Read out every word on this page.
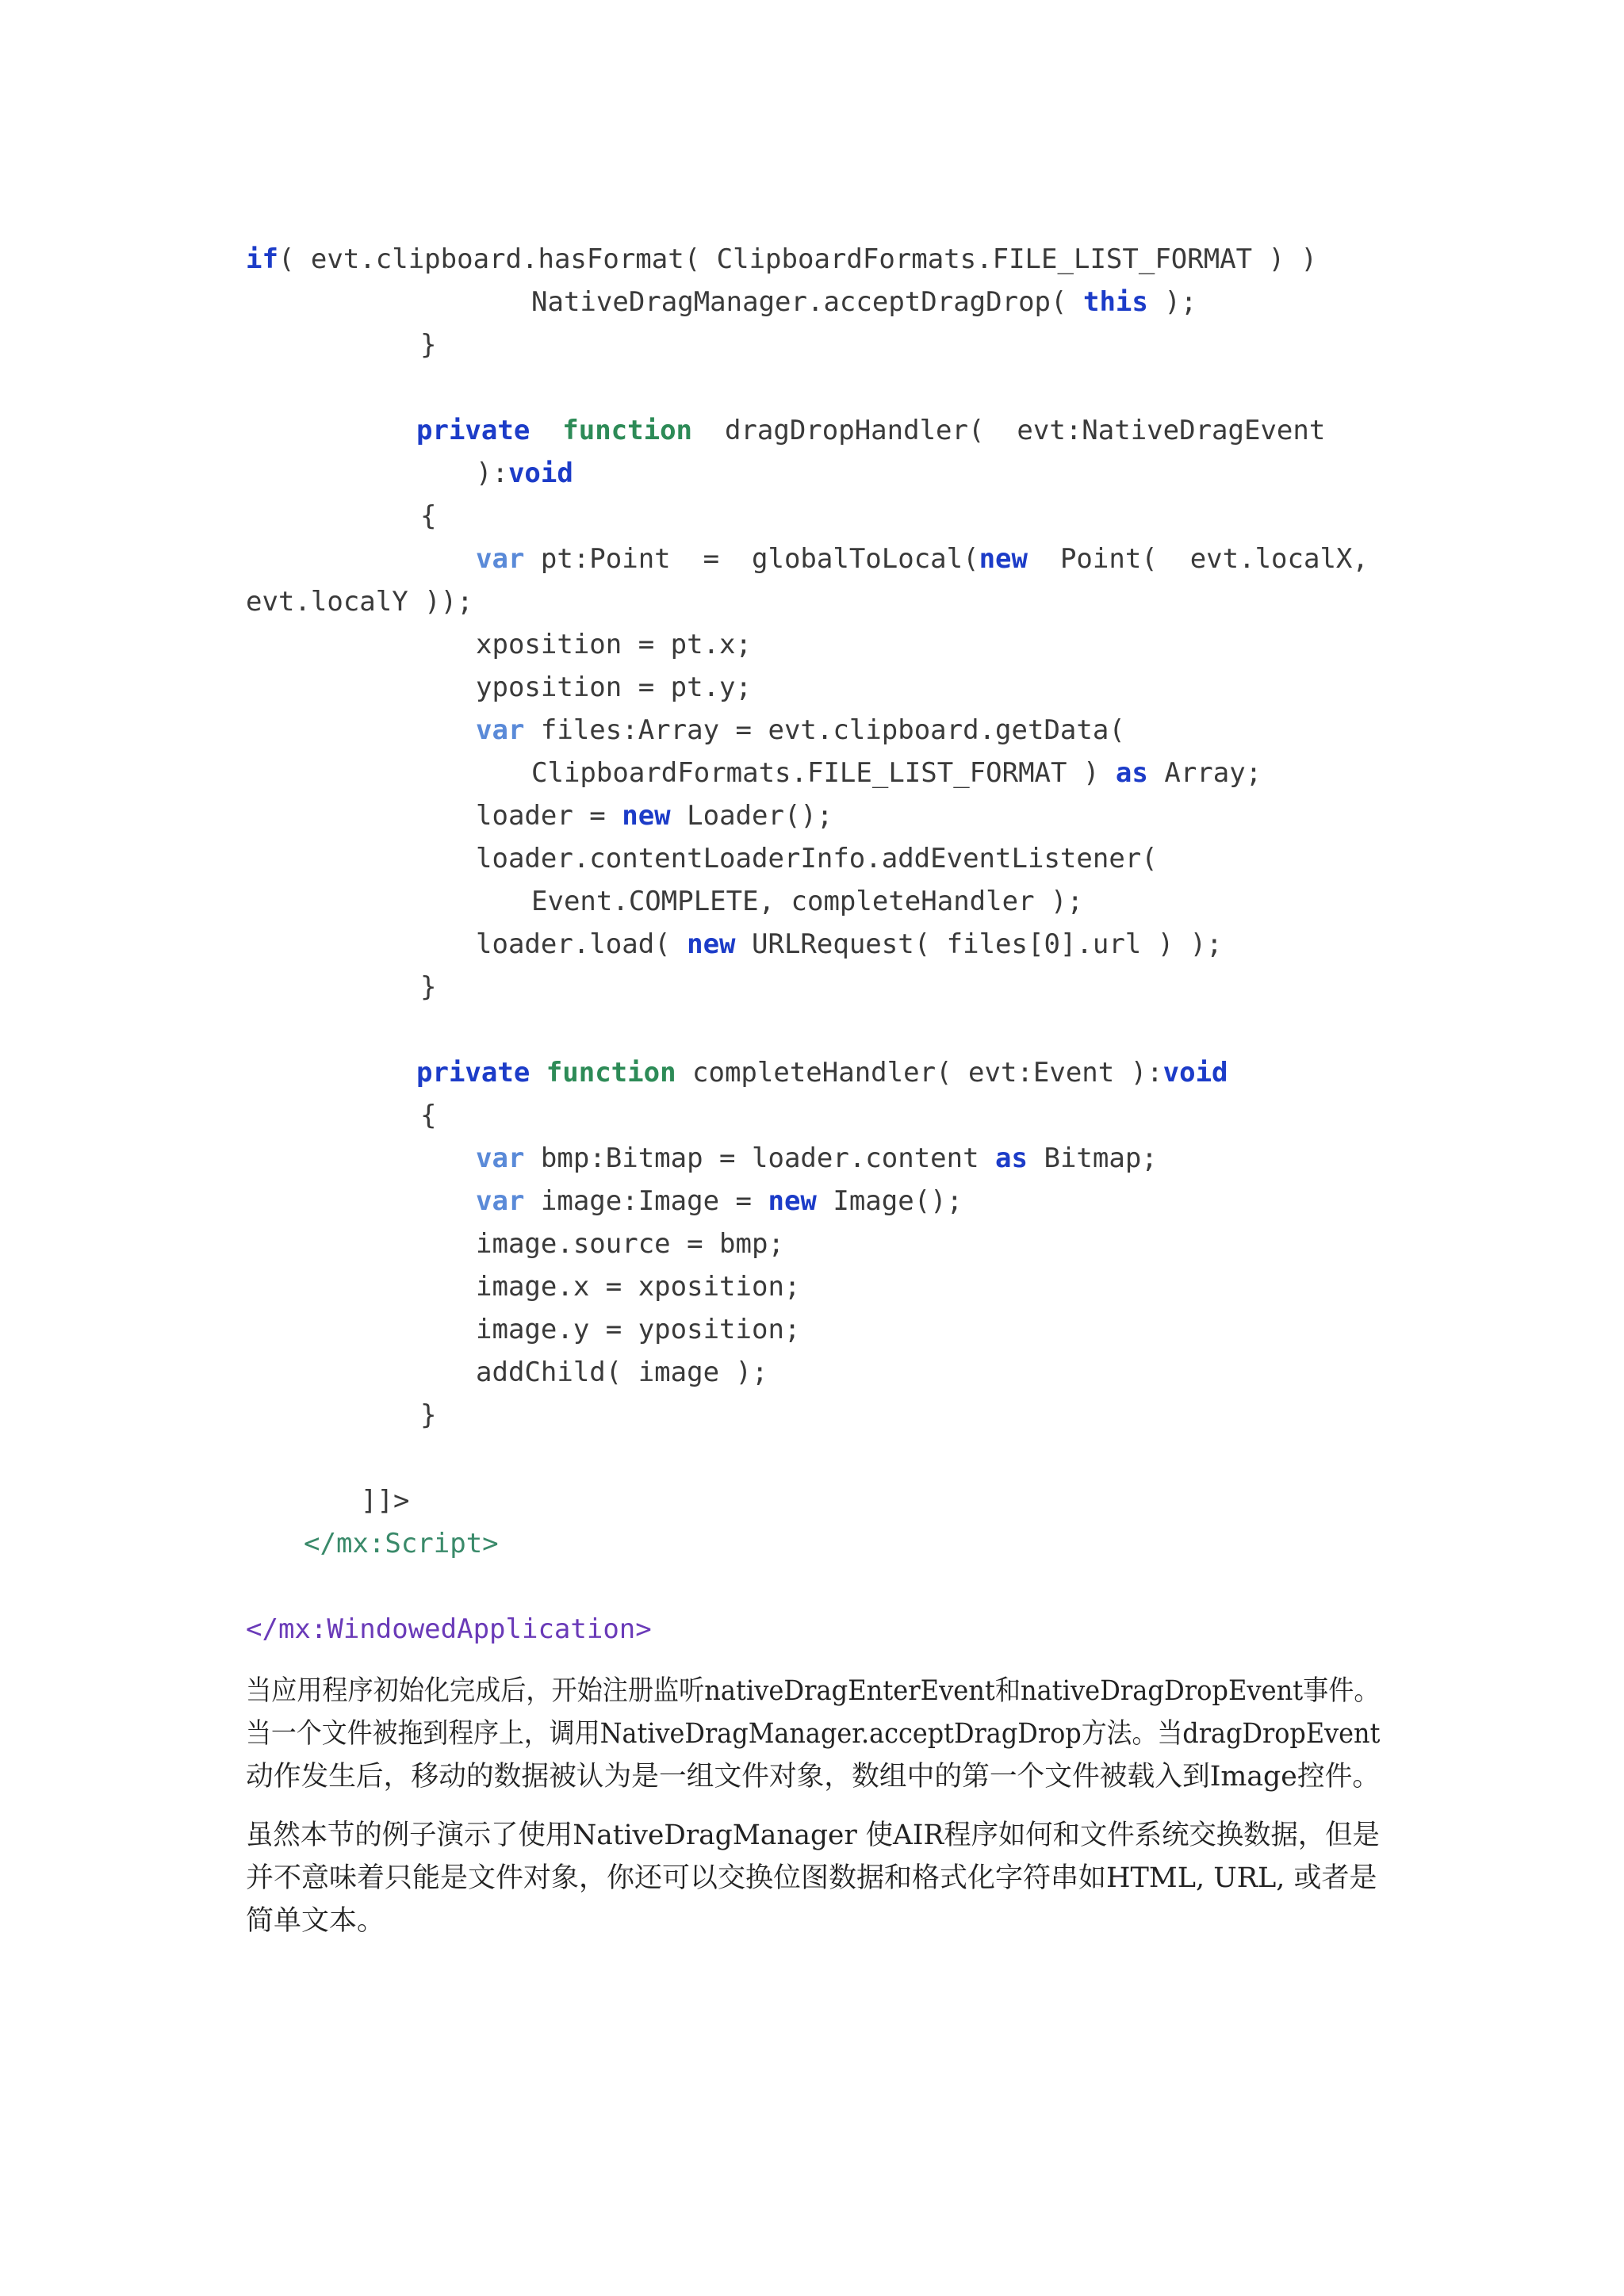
if( evt.clipboard.hasFormat( ClipboardFormats.FILE_LIST_FORMAT ) )
NativeDragManager.acceptDragDrop( this );
}
private function  dragDropHandler(  evt:NativeDragEvent
):void
{
var pt:Point  =  globalToLocal(new  Point(  evt.localX,
evt.localY ));
xposition = pt.x;
yposition = pt.y;
var files:Array = evt.clipboard.getData(
ClipboardFormats.FILE_LIST_FORMAT ) as Array;
loader = new Loader();
loader.contentLoaderInfo.addEventListener(
Event.COMPLETE, completeHandler );
loader.load( new URLRequest( files[0].url ) );
}
private function completeHandler( evt:Event ):void
{
var bmp:Bitmap = loader.content as Bitmap;
var image:Image = new Image();
image.source = bmp;
image.x = xposition;
image.y = yposition;
addChild( image );
}
]]>
</mx:Script>
</mx:WindowedApplication>
当应用程序初始化完成后，开始注册监听nativeDragEnterEvent和nativeDragDropEvent事件。
当一个文件被拖到程序上，调用NativeDragManager.acceptDragDrop方法。当dragDropEvent
动作发生后，移动的数据被认为是一组文件对象，数组中的第一个文件被载入到Image控件。
虽然本节的例子演示了使用NativeDragManager 使AIR程序如何和文件系统交换数据，但是
并不意味着只能是文件对象，你还可以交换位图数据和格式化字符串如HTML, URL, 或者是
简单文本。
